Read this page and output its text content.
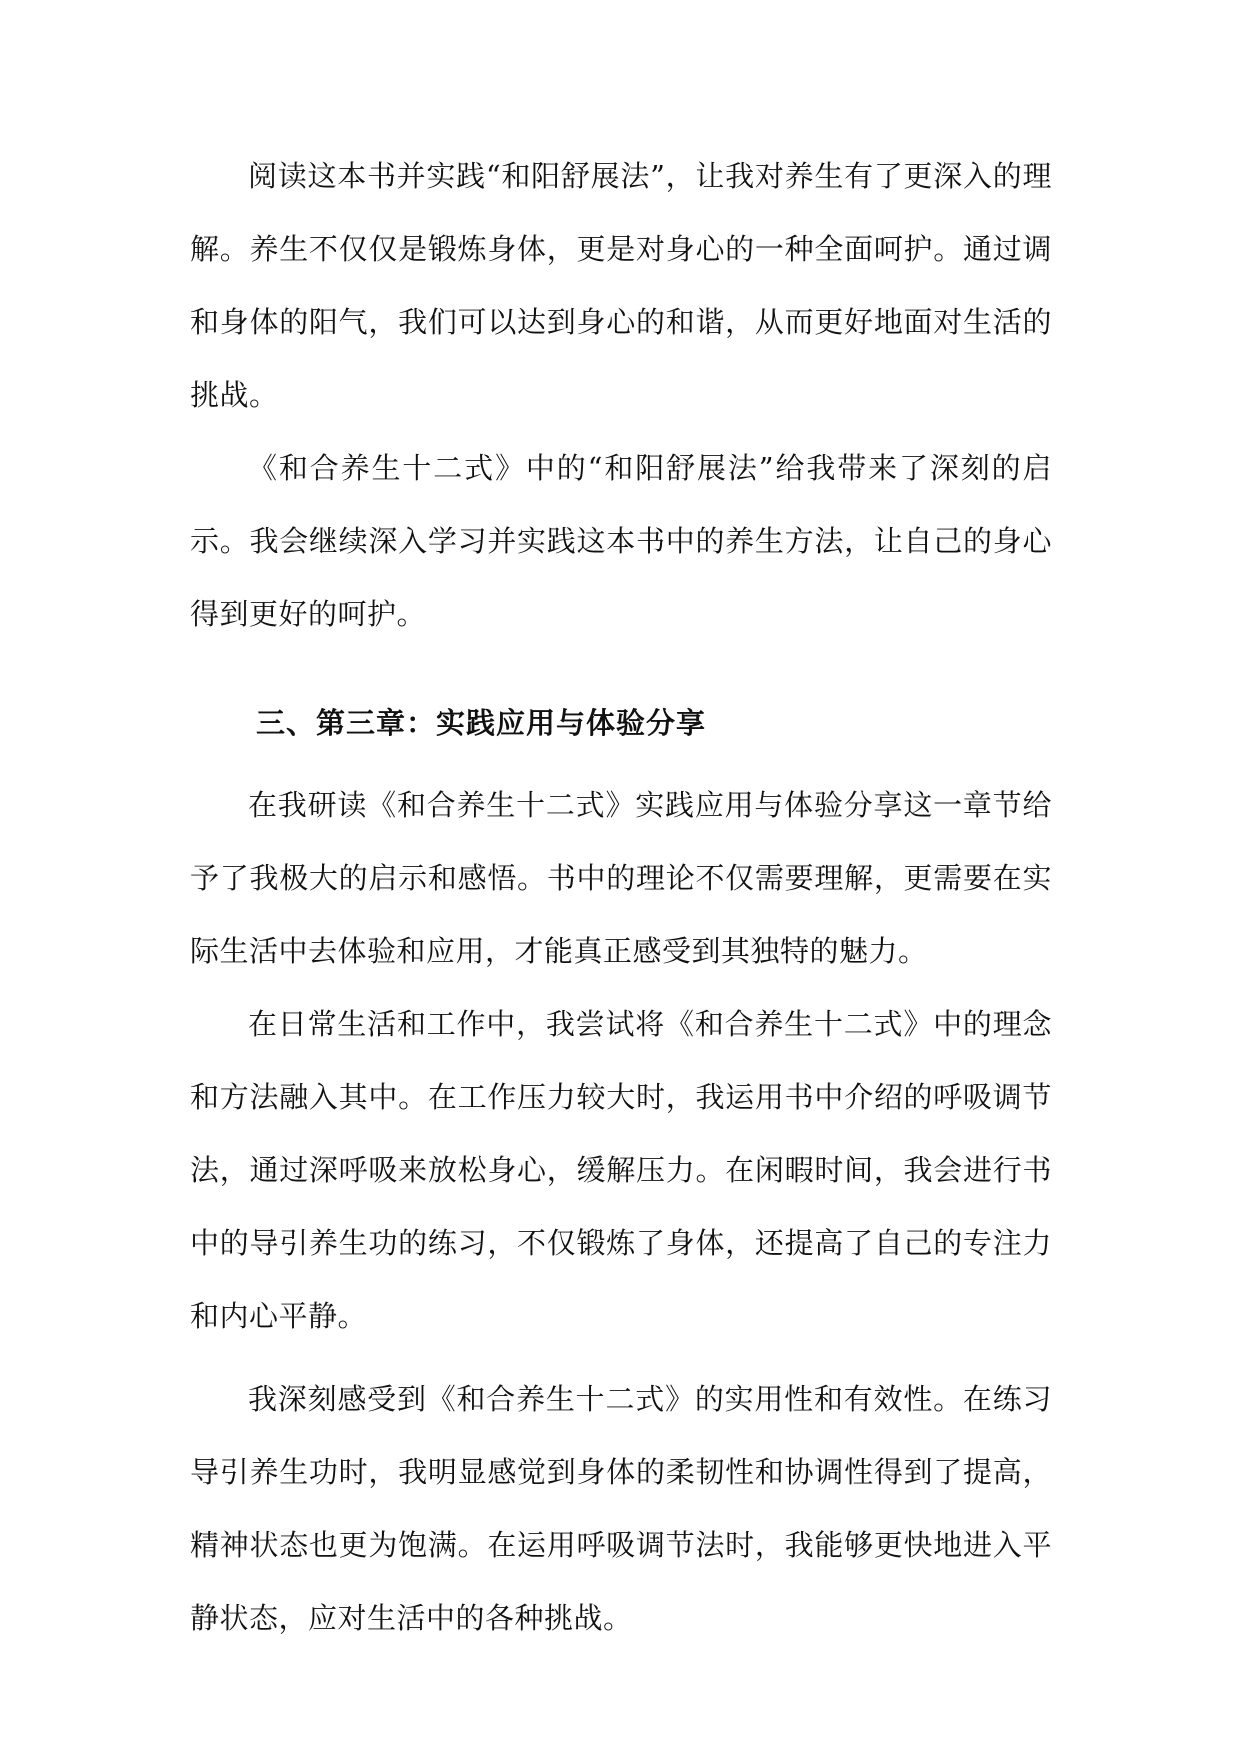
阅读这本书并实践“和阳舒展法”，让我对养生有了更深入的理解。养生不仅仅是锻炼身体，更是对身心的一种全面呵护。通过调和身体的阳气，我们可以达到身心的和谐，从而更好地面对生活的挑战。

《和合养生十二式》中的“和阳舒展法”给我带来了深刻的启示。我会继续深入学习并实践这本书中的养生方法，让自己的身心得到更好的呵护。

三、第三章：实践应用与体验分享

在我研读《和合养生十二式》实践应用与体验分享这一章节给予了我极大的启示和感悟。书中的理论不仅需要理解，更需要在实际生活中去体验和应用，才能真正感受到其独特的魅力。

在日常生活和工作中，我尝试将《和合养生十二式》中的理念和方法融入其中。在工作压力较大时，我运用书中介绍的呼吸调节法，通过深呼吸来放松身心，缓解压力。在闲暇时间，我会进行书中的导引养生功的练习，不仅锻炼了身体，还提高了自己的专注力和内心平静。

我深刻感受到《和合养生十二式》的实用性和有效性。在练习导引养生功时，我明显感觉到身体的柔韧性和协调性得到了提高，精神状态也更为饱满。在运用呼吸调节法时，我能够更快地进入平静状态，应对生活中的各种挑战。
